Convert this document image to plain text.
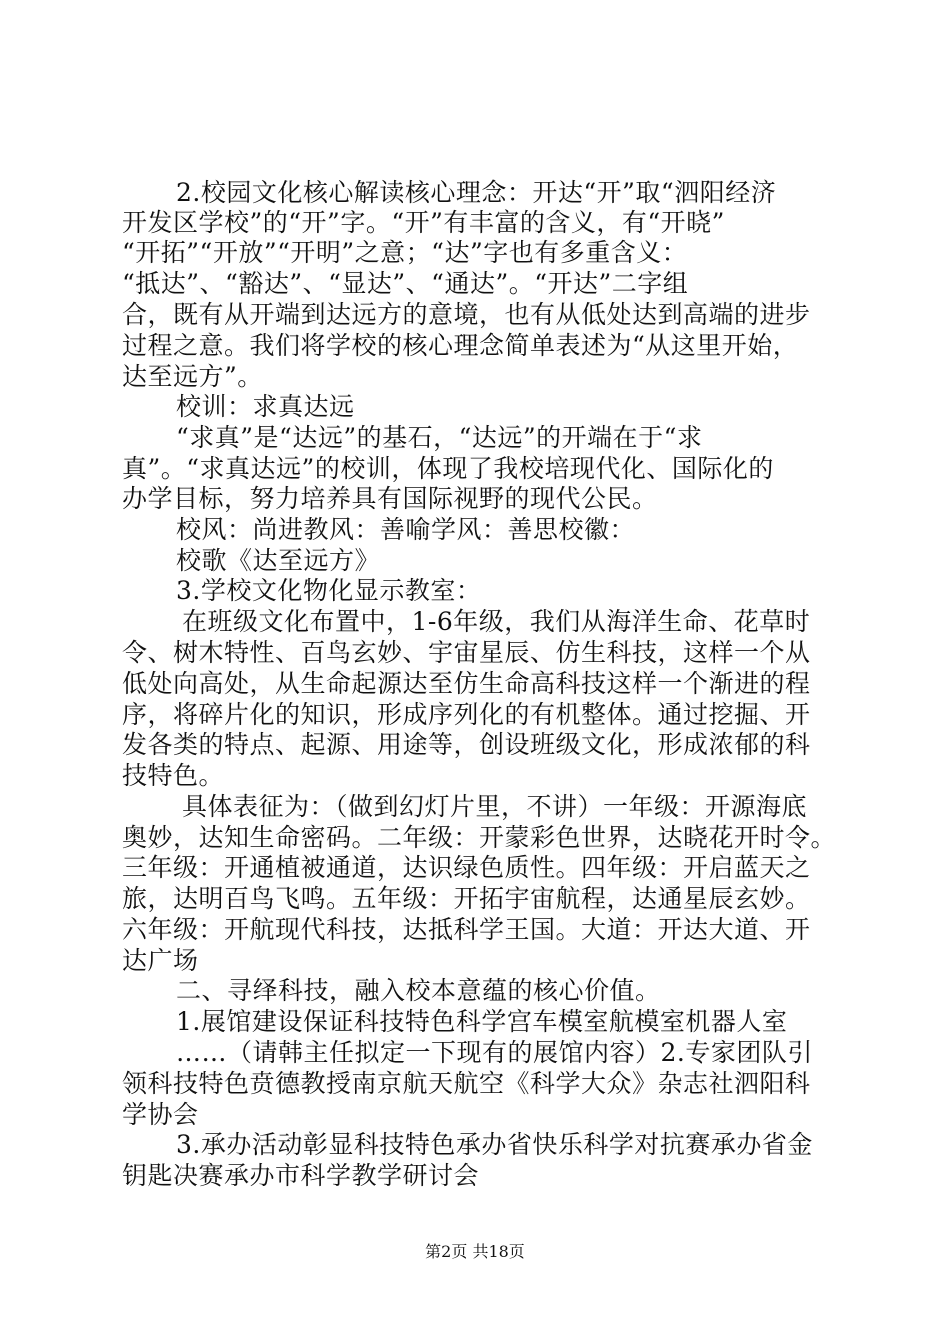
2.校园文化核心解读核心理念：开达“开”取“泗阳经济
开发区学校”的“开”字。“开”有丰富的含义，有“开晓”
“开拓”“开放”“开明”之意；“达”字也有多重含义：
“抵达”、“豁达”、“显达”、“通达”。“开达”二字组
合，既有从开端到达远方的意境，也有从低处达到高端的进步
过程之意。我们将学校的核心理念简单表述为“从这里开始，
达至远方”。
校训：求真达远
“求真”是“达远”的基石，“达远”的开端在于“求
真”。“求真达远”的校训，体现了我校培现代化、国际化的
办学目标，努力培养具有国际视野的现代公民。
校风：尚进教风：善喻学风：善思校徽：
校歌《达至远方》
3.学校文化物化显示教室：
在班级文化布置中，1-6年级，我们从海洋生命、花草时
令、树木特性、百鸟玄妙、宇宙星辰、仿生科技，这样一个从
低处向高处，从生命起源达至仿生命高科技这样一个渐进的程
序，将碎片化的知识，形成序列化的有机整体。通过挖掘、开
发各类的特点、起源、用途等，创设班级文化，形成浓郁的科
技特色。
具体表征为：（做到幻灯片里，不讲）一年级：开源海底
奥妙，达知生命密码。二年级：开蒙彩色世界，达晓花开时令。
三年级：开通植被通道，达识绿色质性。四年级：开启蓝天之
旅，达明百鸟飞鸣。五年级：开拓宇宙航程，达通星辰玄妙。
六年级：开航现代科技，达抵科学王国。大道：开达大道、开
达广场
二、寻绎科技，融入校本意蕴的核心价值。
1.展馆建设保证科技特色科学宫车模室航模室机器人室
……（请韩主任拟定一下现有的展馆内容）2.专家团队引
领科技特色贲德教授南京航天航空《科学大众》杂志社泗阳科
学协会
3.承办活动彰显科技特色承办省快乐科学对抗赛承办省金
钥匙决赛承办市科学教学研讨会
第2页 共18页
